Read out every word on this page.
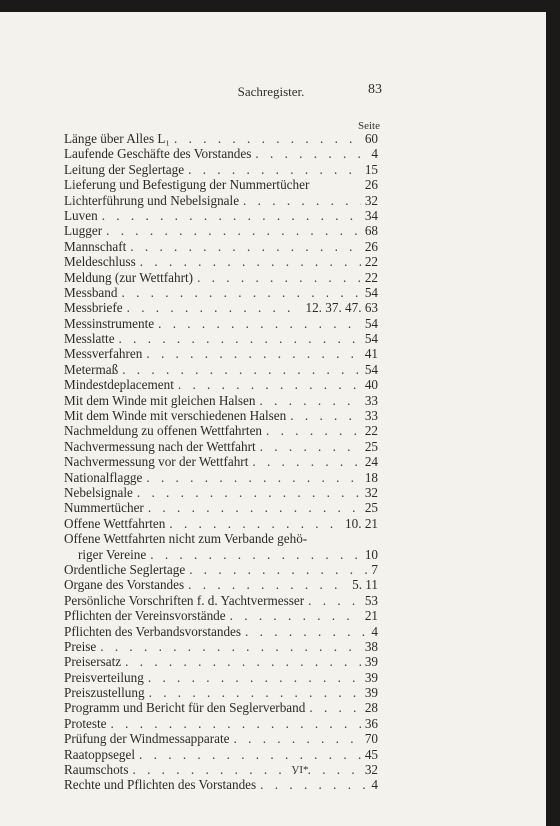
Sachregister.	83
Seite
Länge über Alles L₁ . . .	60
Laufende Geschäfte des Vorstandes . . .	4
Leitung der Seglertage . . .	15
Lieferung und Befestigung der Nummertücher	26
Lichterführung und Nebelsignale . . .	32
Luven . . .	34
Lugger . . .	68
Mannschaft . . .	26
Meldeschluss . . .	22
Meldung (zur Wettfahrt) . . .	22
Messband . . .	54
Messbriefe . . .	12. 37. 47. 63
Messinstrumente . . .	54
Messlatte . . .	54
Messverfahren . . .	41
Metermaß . . .	54
Mindestdeplacement . . .	40
Mit dem Winde mit gleichen Halsen . . .	33
Mit dem Winde mit verschiedenen Halsen . . .	33
Nachmeldung zu offenen Wettfahrten . . .	22
Nachvermessung nach der Wettfahrt . . .	25
Nachvermessung vor der Wettfahrt . . .	24
Nationalflagge . . .	18
Nebelsignale . . .	32
Nummertücher . . .	25
Offene Wettfahrten . . .	10. 21
Offene Wettfahrten nicht zum Verbande gehö-
riger Vereine . . .	10
Ordentliche Seglertage . . .	7
Organe des Vorstandes . . .	5. 11
Persönliche Vorschriften f. d. Yachtvermesser . . .	53
Pflichten der Vereinsvorstände . . .	21
Pflichten des Verbandsvorstandes . . .	4
Preise . . .	38
Preisersatz . . .	39
Preisverteilung . . .	39
Preiszustellung . . .	39
Programm und Bericht für den Seglerverband . . .	28
Proteste . . .	36
Prüfung der Windmessapparate . . .	70
Raatoppsegel . . .	45
Raumschots . . .	32
Rechte und Pflichten des Vorstandes . . .	4
VI*
